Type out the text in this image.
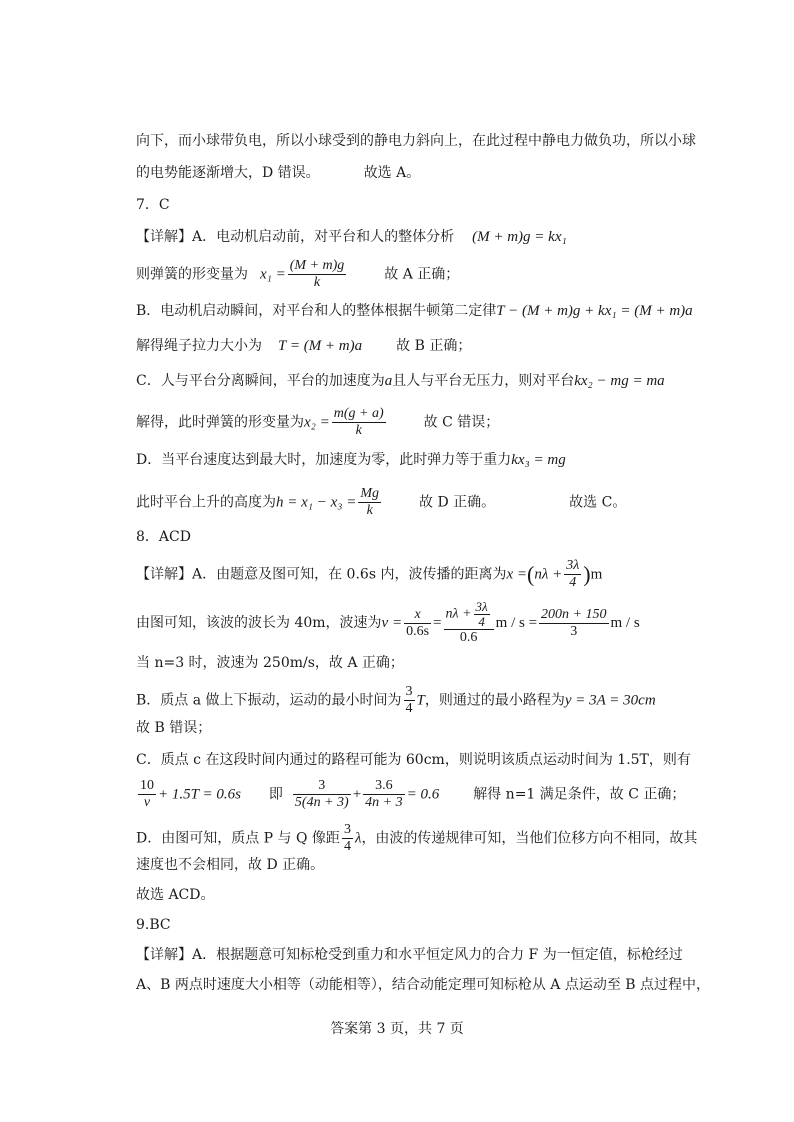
向下，而小球带负电，所以小球受到的静电力斜向上，在此过程中静电力做负功，所以小球
的电势能逐渐增大，D 错误。	故选 A。
7．C
【详解】A．电动机启动前，对平台和人的整体分析 (M + m)g = kx₁
则弹簧的形变量为 $x_1 = \frac{(M + m)g}{k}$	故 A 正确；
B．电动机启动瞬间，对平台和人的整体根据牛顿第二定律T − (M + m)g + kx₁ = (M + m)a
解得绳子拉力大小为 T = (M + m)a 故 B 正确；
C．人与平台分离瞬间，平台的加速度为a且人与平台无压力，则对平台kx₂ − mg = ma
解得，此时弹簧的形变量为$x_2 = \frac{m(g + a)}{k}$	故 C 错误；
D．当平台速度达到最大时，加速度为零，此时弹力等于重力kx₃ = mg
此时平台上升的高度为$h = x_1 - x_3 = \frac{Mg}{k}$	故 D 正确。	故选 C。
8．ACD
【详解】A．由题意及图可知，在 0.6s 内，波传播的距离为$x =(n\lambda + \frac{3\lambda}{4} )m$
由图可知，该波的波长为 40m，波速为$v = \frac{x}{0.6s} = \frac{n\lambda + \frac{3\lambda}{4}}{0.6}$ $m / s = \frac{200n + 150}{3}$ m / s
当 n=3 时，波速为 250m/s，故 A 正确；
B．质点 a 做上下振动，运动的最小时间为 $\frac{3}{4}$ T，则通过的最小路程为y = 3A = 30cm
故 B 错误；
C．质点 c 在这段时间内通过的路程可能为 60cm，则说明该质点运动时间为 1.5T，则有
$\frac{10}{v} + 1.5T = 0.6s$ 即 $\frac{3}{5(4n + 3)} + \frac{3.6}{4n + 3} = 0.6$ 解得 n=1 满足条件，故 C 正确；
D．由图可知，质点 P 与 Q 像距 $\frac{3}{4}$ λ，由波的传递规律可知，当他们位移方向不相同，故其
速度也不会相同，故 D 正确。
故选 ACD。
9.BC
【详解】A．根据题意可知标枪受到重力和水平恒定风力的合力 F 为一恒定值，标枪经过
A、B 两点时速度大小相等（动能相等），结合动能定理可知标枪从 A 点运动至 B 点过程中，
答案第 3 页，共 7 页
